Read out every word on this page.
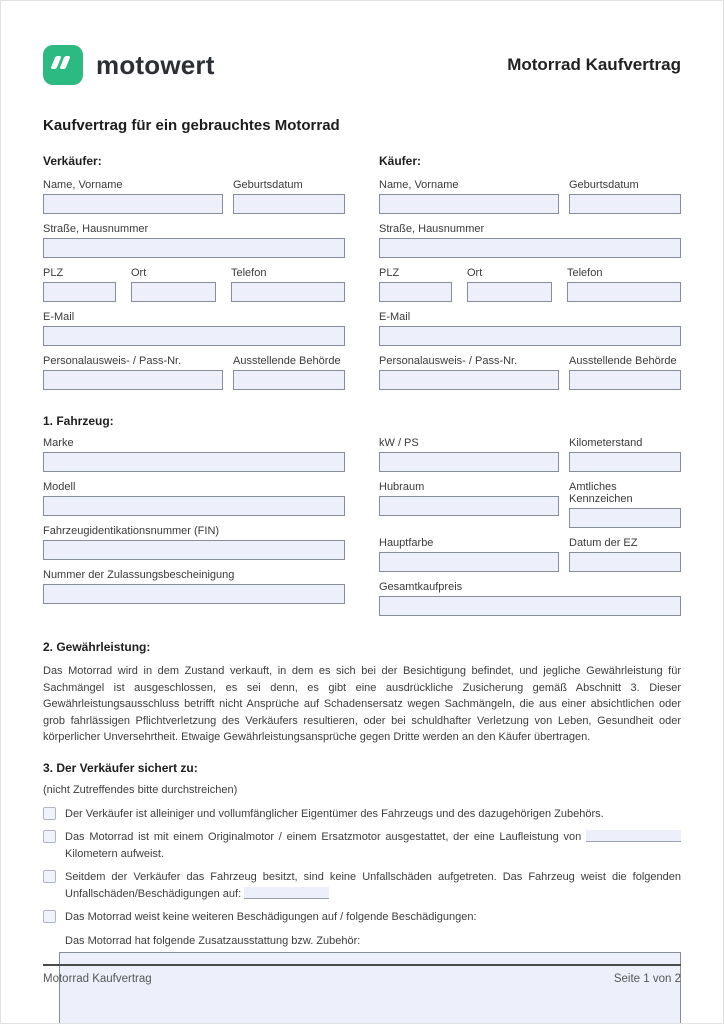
motowert	Motorrad Kaufvertrag
Kaufvertrag für ein gebrauchtes Motorrad
Verkäufer:
Name, Vorname	Geburtsdatum
Straße, Hausnummer
PLZ	Ort	Telefon
E-Mail
Personalausweis- / Pass-Nr.	Ausstellende Behörde
Käufer:
Name, Vorname	Geburtsdatum
Straße, Hausnummer
PLZ	Ort	Telefon
E-Mail
Personalausweis- / Pass-Nr.	Ausstellende Behörde
1. Fahrzeug:
Marke
Modell
Fahrzeugidentikationsnummer (FIN)
Nummer der Zulassungsbescheinigung
kW / PS	Kilometerstand
Hubraum	Amtliches Kennzeichen
Hauptfarbe	Datum der EZ
Gesamtkaufpreis
2. Gewährleistung:

Das Motorrad wird in dem Zustand verkauft, in dem es sich bei der Besichtigung befindet, und jegliche Gewährleistung für Sachmängel ist ausgeschlossen, es sei denn, es gibt eine ausdrückliche Zusicherung gemäß Abschnitt 3. Dieser Gewährleistungsausschluss betrifft nicht Ansprüche auf Schadensersatz wegen Sachmängeln, die aus einer absichtlichen oder grob fahrlässigen Pflichtverletzung des Verkäufers resultieren, oder bei schuldhafter Verletzung von Leben, Gesundheit oder körperlicher Unversehrtheit. Etwaige Gewährleistungsansprüche gegen Dritte werden an den Käufer übertragen.

3. Der Verkäufer sichert zu:
(nicht Zutreffendes bitte durchstreichen)
Der Verkäufer ist alleiniger und vollumfänglicher Eigentümer des Fahrzeugs und des dazugehörigen Zubehörs.
Das Motorrad ist mit einem Originalmotor / einem Ersatzmotor ausgestattet, der eine Laufleistung von  Kilometern aufweist.
Seitdem der Verkäufer das Fahrzeug besitzt, sind keine Unfallschäden aufgetreten. Das Fahrzeug weist die folgenden Unfallschäden/Beschädigungen auf:
Das Motorrad weist keine weiteren Beschädigungen auf / folgende Beschädigungen:
Das Motorrad hat folgende Zusatzausstattung bzw. Zubehör:
Motorrad Kaufvertrag	Seite 1 von 2
